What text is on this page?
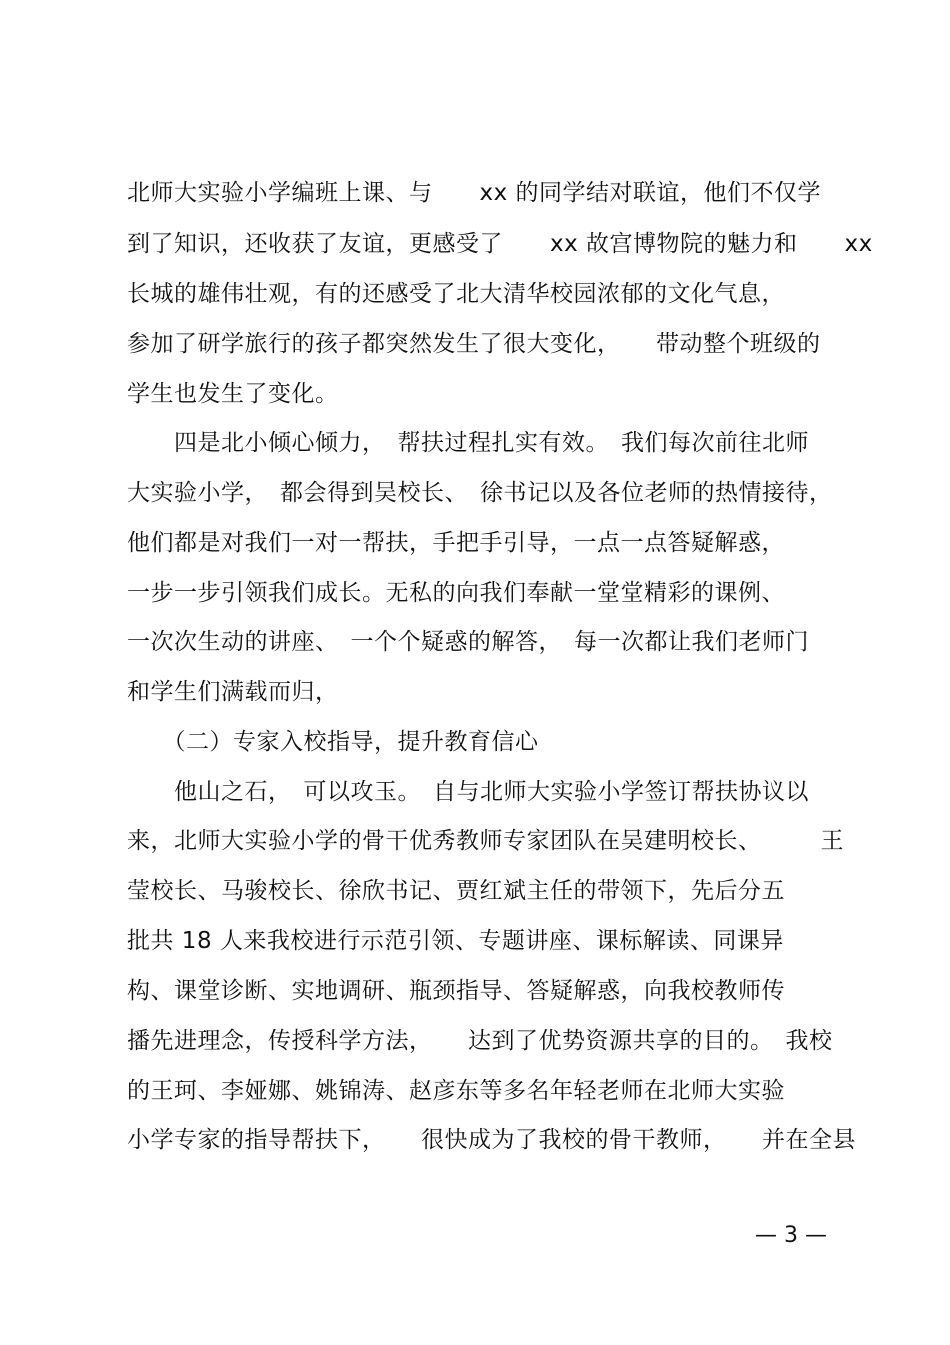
北师大实验小学编班上课、与　　xx 的同学结对联谊，他们不仅学
到了知识，还收获了友谊，更感受了　　xx 故宫博物院的魅力和　　xx
长城的雄伟壮观，有的还感受了北大清华校园浓郁的文化气息，
参加了研学旅行的孩子都突然发生了很大变化，　　带动整个班级的
学生也发生了变化。
　　四是北小倾心倾力，　帮扶过程扎实有效。　我们每次前往北师
大实验小学，　都会得到吴校长、　徐书记以及各位老师的热情接待，
他们都是对我们一对一帮扶，手把手引导，一点一点答疑解惑，
一步一步引领我们成长。无私的向我们奉献一堂堂精彩的课例、
一次次生动的讲座、　一个个疑惑的解答，　每一次都让我们老师门
和学生们满载而归，
　　（二）专家入校指导，提升教育信心
　　他山之石，　可以攻玉。　自与北师大实验小学签订帮扶协议以
来，北师大实验小学的骨干优秀教师专家团队在吴建明校长、　　　王
莹校长、马骏校长、徐欣书记、贾红斌主任的带领下，先后分五
批共 18 人来我校进行示范引领、专题讲座、课标解读、同课异
构、课堂诊断、实地调研、瓶颈指导、答疑解惑，向我校教师传
播先进理念，传授科学方法，　　达到了优势资源共享的目的。　我校
的王珂、李娅娜、姚锦涛、赵彦东等多名年轻老师在北师大实验
小学专家的指导帮扶下，　　很快成为了我校的骨干教师，　　并在全县
— 3 —
